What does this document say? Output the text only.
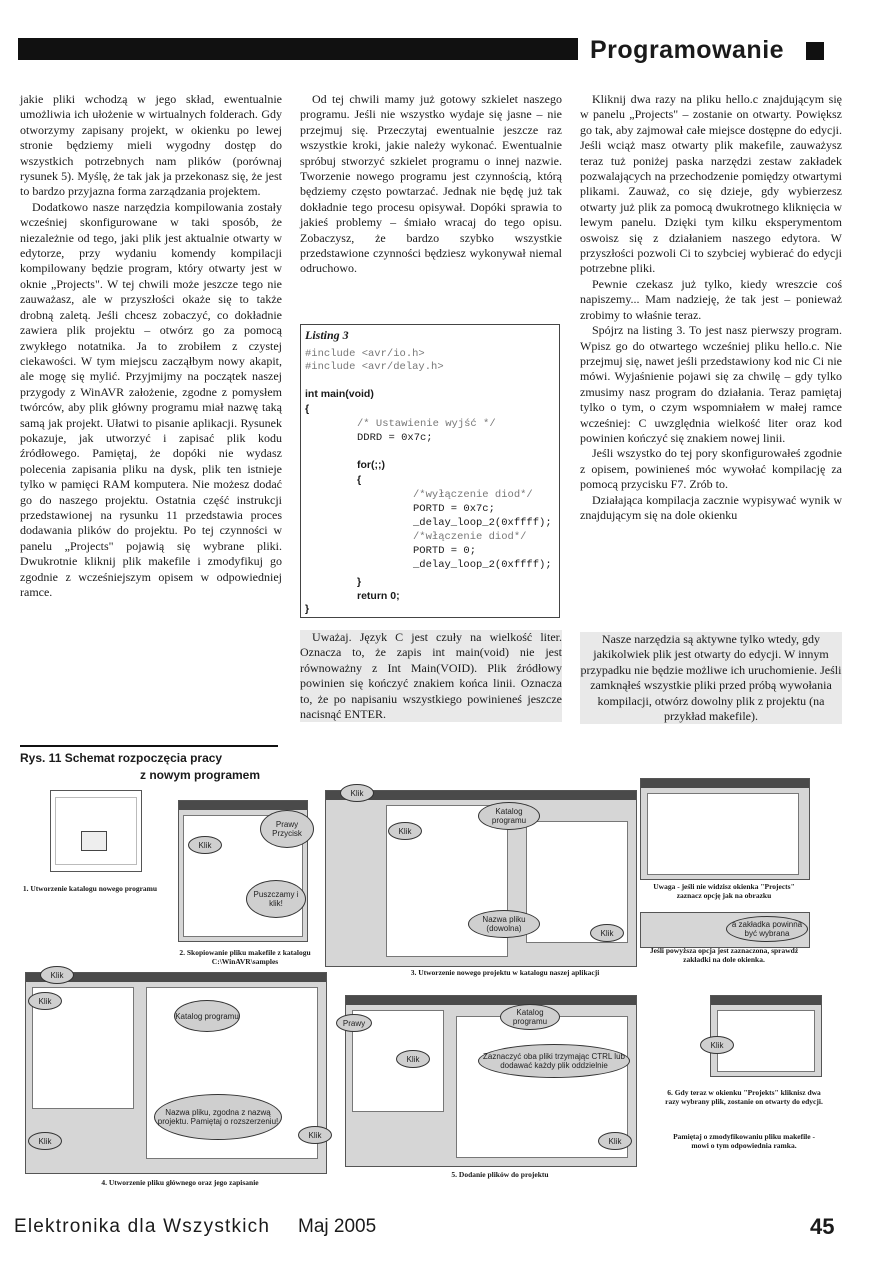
Programowanie

jakie pliki wchodzą w jego skład, ewentualnie umożliwia ich ułożenie w wirtualnych folderach. Gdy otworzymy zapisany projekt, w okienku po lewej stronie będziemy mieli wygodny dostęp do wszystkich potrzebnych nam plików (porównaj rysunek 5). Myślę, że tak jak ja przekonasz się, że jest to bardzo przyjazna forma zarządzania projektem.

Dodatkowo nasze narzędzia kompilowania zostały wcześniej skonfigurowane w taki sposób, że niezależnie od tego, jaki plik jest aktualnie otwarty w edytorze, przy wydaniu komendy kompilacji kompilowany będzie program, który otwarty jest w oknie „Projects". W tej chwili może jeszcze tego nie zauważasz, ale w przyszłości okaże się to także drobną zaletą. Jeśli chcesz zobaczyć, co dokładnie zawiera plik projektu – otwórz go za pomocą zwykłego notatnika. Ja to zrobiłem z czystej ciekawości. W tym miejscu zacząłbym nowy akapit, ale mogę się mylić. Przyjmijmy na początek naszej przygody z WinAVR założenie, zgodne z pomysłem twórców, aby plik główny programu miał nazwę taką samą jak projekt. Ułatwi to pisanie aplikacji. Rysunek pokazuje, jak utworzyć i zapisać plik kodu źródłowego. Pamiętaj, że dopóki nie wydasz polecenia zapisania pliku na dysk, plik ten istnieje tylko w pamięci RAM komputera. Nie możesz dodać go do naszego projektu. Ostatnia część instrukcji przedstawionej na rysunku 11 przedstawia proces dodawania plików do projektu. Po tej czynności w panelu „Projects" pojawią się wybrane pliki. Dwukrotnie kliknij plik makefile i zmodyfikuj go zgodnie z wcześniejszym opisem w odpowiedniej ramce.

Od tej chwili mamy już gotowy szkielet naszego programu. Jeśli nie wszystko wydaje się jasne – nie przejmuj się. Przeczytaj ewentualnie jeszcze raz wszystkie kroki, jakie należy wykonać. Ewentualnie spróbuj stworzyć szkielet programu o innej nazwie. Tworzenie nowego programu jest czynnością, którą będziemy często powtarzać. Jednak nie będę już tak dokładnie tego procesu opisywał. Dopóki sprawia to jakieś problemy – śmiało wracaj do tego opisu. Zobaczysz, że bardzo szybko wszystkie przedstawione czynności będziesz wykonywał niemal odruchowo.

Listing 3
#include <avr/io.h>
#include <avr/delay.h>
int main(void)
{
/* Ustawienie wyjść */
DDRD = 0x7c;
for(;;)
{
/*wyłączenie diod*/
PORTD = 0x7c;
_delay_loop_2(0xffff);
/*włączenie diod*/
PORTD = 0;
_delay_loop_2(0xffff);
}
return 0;
}

Uważaj. Język C jest czuły na wielkość liter. Oznacza to, że zapis int main(void) nie jest równoważny z Int Main(VOID). Plik źródłowy powinien się kończyć znakiem końca linii. Oznacza to, że po napisaniu wszystkiego powinieneś jeszcze nacisnąć ENTER.

Kliknij dwa razy na pliku hello.c znajdującym się w panelu „Projects" – zostanie on otwarty. Powiększ go tak, aby zajmował całe miejsce dostępne do edycji. Jeśli wciąż masz otwarty plik makefile, zauważysz teraz tuż poniżej paska narzędzi zestaw zakładek pozwalających na przechodzenie pomiędzy otwartymi plikami. Zauważ, co się dzieje, gdy wybierzesz otwarty już plik za pomocą dwukrotnego kliknięcia w lewym panelu. Dzięki tym kilku eksperymentom oswoisz się z działaniem naszego edytora. W przyszłości pozwoli Ci to szybciej wybierać do edycji potrzebne pliki.

Pewnie czekasz już tylko, kiedy wreszcie coś napiszemy... Mam nadzieję, że tak jest – ponieważ zrobimy to właśnie teraz.

Spójrz na listing 3. To jest nasz pierwszy program. Wpisz go do otwartego wcześniej pliku hello.c. Nie przejmuj się, nawet jeśli przedstawiony kod nic Ci nie mówi. Wyjaśnienie pojawi się za chwilę – gdy tylko zmusimy nasz program do działania. Teraz pamiętaj tylko o tym, o czym wspomniałem w małej ramce wcześniej: C uwzględnia wielkość liter oraz kod powinien kończyć się znakiem nowej linii.

Jeśli wszystko do tej pory skonfigurowałeś zgodnie z opisem, powinieneś móc wywołać kompilację za pomocą przycisku F7. Zrób to.

Działająca kompilacja zacznie wypisywać wynik w znajdującym się na dole okienku

Nasze narzędzia są aktywne tylko wtedy, gdy jakikolwiek plik jest otwarty do edycji. W innym przypadku nie będzie możliwe ich uruchomienie. Jeśli zamknąłeś wszystkie pliki przed próbą wywołania kompilacji, otwórz dowolny plik z projektu (na przykład makefile).

Rys. 11 Schemat rozpoczęcia pracy
z nowym programem
1. Utworzenie katalogu nowego programu
Prawy Przycisk
Puszczamy i klik!
Klik
2. Skopiowanie pliku makefile z katalogu C:\WinAVR\samples
Klik
Klik
Katalog programu
Nazwa pliku (dowolna)	Klik
3. Utworzenie nowego projektu w katalogu naszej aplikacji
Uwaga - jeśli nie widzisz okienka "Projects" zaznacz opcję jak na obrazku
a zakładka powinna być wybrana
Jeśli powyższa opcja jest zaznaczona, sprawdź zakładki na dole okienka.
Klik
Klik
Katalog programu
Nazwa pliku, zgodna z nazwą projektu. Pamiętaj o rozszerzeniu!
Klik
Klik
4. Utworzenie pliku głównego oraz jego zapisanie
Prawy
Katalog programu
Zaznaczyć oba pliki trzymając CTRL lub dodawać każdy plik oddzielnie
Klik
Klik
5. Dodanie plików do projektu
Klik
6. Gdy teraz w okienku "Projekts" kliknisz dwa razy wybrany plik, zostanie on otwarty do edycji.
Pamiętaj o zmodyfikowaniu pliku makefile - mowi o tym odpowiednia ramka.
Elektronika dla Wszystkich Maj 2005	45
